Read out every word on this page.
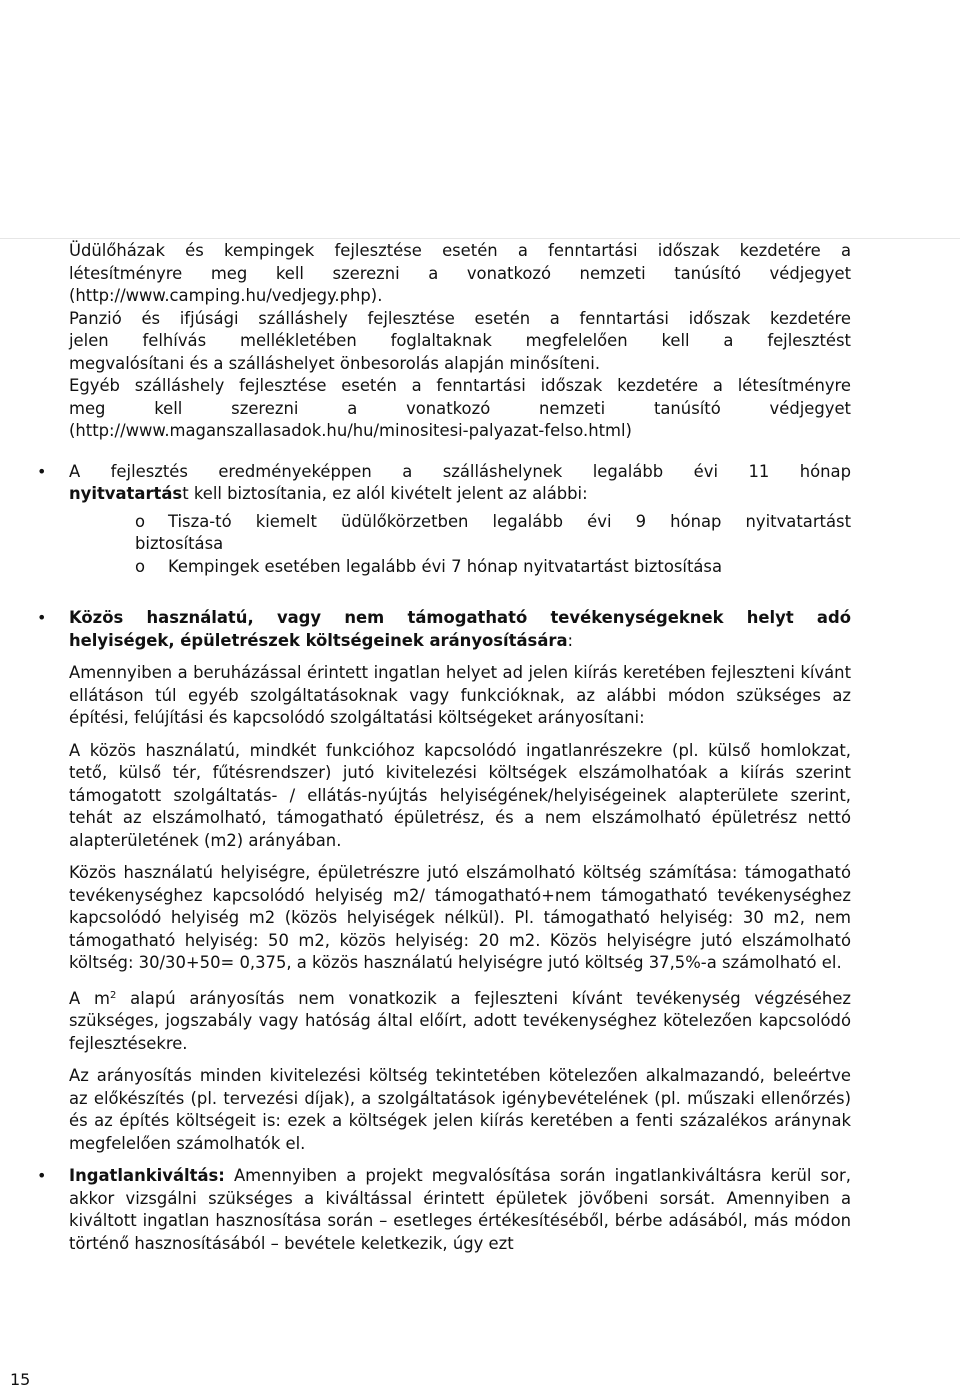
Üdülőházak és kempingek fejlesztése esetén a fenntartási időszak kezdetére a

létesítményre meg kell szerezni a vonatkozó nemzeti tanúsító védjegyet

(http://www.camping.hu/vedjegy.php).

Panzió és ifjúsági szálláshely fejlesztése esetén a fenntartási időszak kezdetére

jelen felhívás mellékletében foglaltaknak megfelelően kell a fejlesztést

megvalósítani és a szálláshelyet önbesorolás alapján minősíteni.

Egyéb szálláshely fejlesztése esetén a fenntartási időszak kezdetére a létesítményre

meg kell szerezni a vonatkozó nemzeti tanúsító védjegyet

(http://www.maganszallasadok.hu/hu/minositesi-palyazat-felso.html)

• A fejlesztés eredményeképpen a szálláshelynek legalább évi 11 hónap

nyitvatartást kell biztosítania, ez alól kivételt jelent az alábbi:

o	Tisza-tó kiemelt üdülőkörzetben legalább évi 9 hónap nyitvatartást
biztosítása
o	Kempingek esetében legalább évi 7 hónap nyitvatartást biztosítása
• Közös használatú, vagy nem támogatható tevékenységeknek helyt adó

helyiségek, épületrészek költségeinek arányosítására:

Amennyiben a beruházással érintett ingatlan helyet ad jelen kiírás keretében fejleszteni kívánt ellátáson túl egyéb szolgáltatásoknak vagy funkcióknak, az alábbi módon szükséges az építési, felújítási és kapcsolódó szolgáltatási költségeket arányosítani:

A közös használatú, mindkét funkcióhoz kapcsolódó ingatlanrészekre (pl. külső homlokzat, tető, külső tér, fűtésrendszer) jutó kivitelezési költségek elszámolhatóak a kiírás szerint támogatott szolgáltatás- / ellátás-nyújtás helyiségének/helyiségeinek alapterülete szerint, tehát az elszámolható, támogatható épületrész, és a nem elszámolható épületrész nettó alapterületének (m2) arányában.

Közös használatú helyiségre, épületrészre jutó elszámolható költség számítása: támogatható tevékenységhez kapcsolódó helyiség m2/ támogatható+nem támogatható tevékenységhez kapcsolódó helyiség m2 (közös helyiségek nélkül). Pl. támogatható helyiség: 30 m2, nem támogatható helyiség: 50 m2, közös helyiség: 20 m2. Közös helyiségre jutó elszámolható költség: 30/30+50= 0,375, a közös használatú helyiségre jutó költség 37,5%-a számolható el.

A $m^2$ alapú arányosítás nem vonatkozik a fejleszteni kívánt tevékenység végzéséhez szükséges, jogszabály vagy hatóság által előírt, adott tevékenységhez kötelezően kapcsolódó fejlesztésekre.

Az arányosítás minden kivitelezési költség tekintetében kötelezően alkalmazandó, beleértve az előkészítés (pl. tervezési díjak), a szolgáltatások igénybevételének (pl. műszaki ellenőrzés) és az építés költségeit is: ezek a költségek jelen kiírás keretében a fenti százalékos aránynak megfelelően számolhatók el.

• Ingatlankiváltás: Amennyiben a projekt megvalósítása során ingatlankiváltásra kerül sor, akkor vizsgálni szükséges a kiváltással érintett épületek jövőbeni sorsát. Amennyiben a kiváltott ingatlan hasznosítása során – esetleges értékesítéséből, bérbe adásából, más módon történő hasznosításából – bevétele keletkezik, úgy ezt

15
